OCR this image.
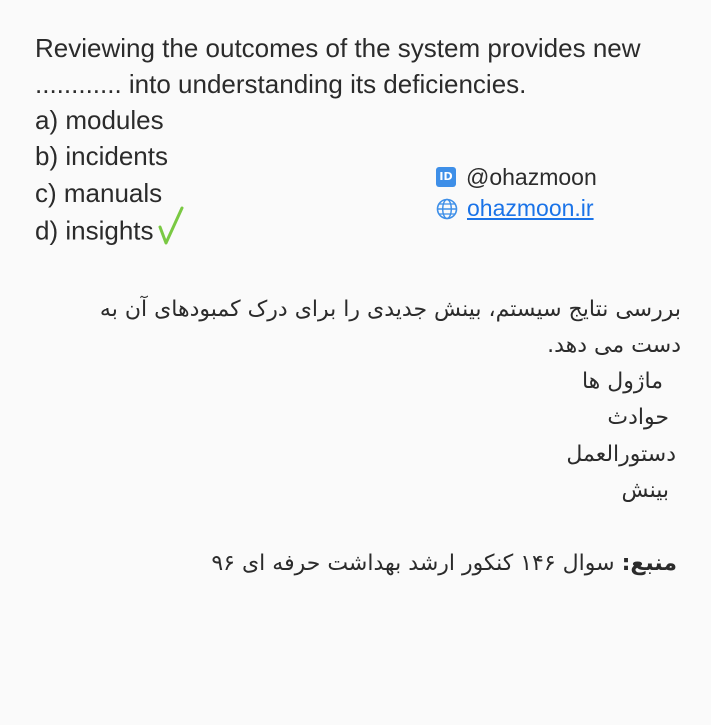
Reviewing the outcomes of the system provides new
............ into understanding its deficiencies.
a) modules
b) incidents
c) manuals
d) insights
ID @ohazmoon
ohazmoon.ir
بررسی نتایج سیستم، بینش جدیدی را برای درک کمبودهای آن به
دست می دهد.
ماژول ها
حوادث
دستورالعمل
بینش
منبع: سوال ۱۴۶ کنکور ارشد بهداشت حرفه ای ۹۶
